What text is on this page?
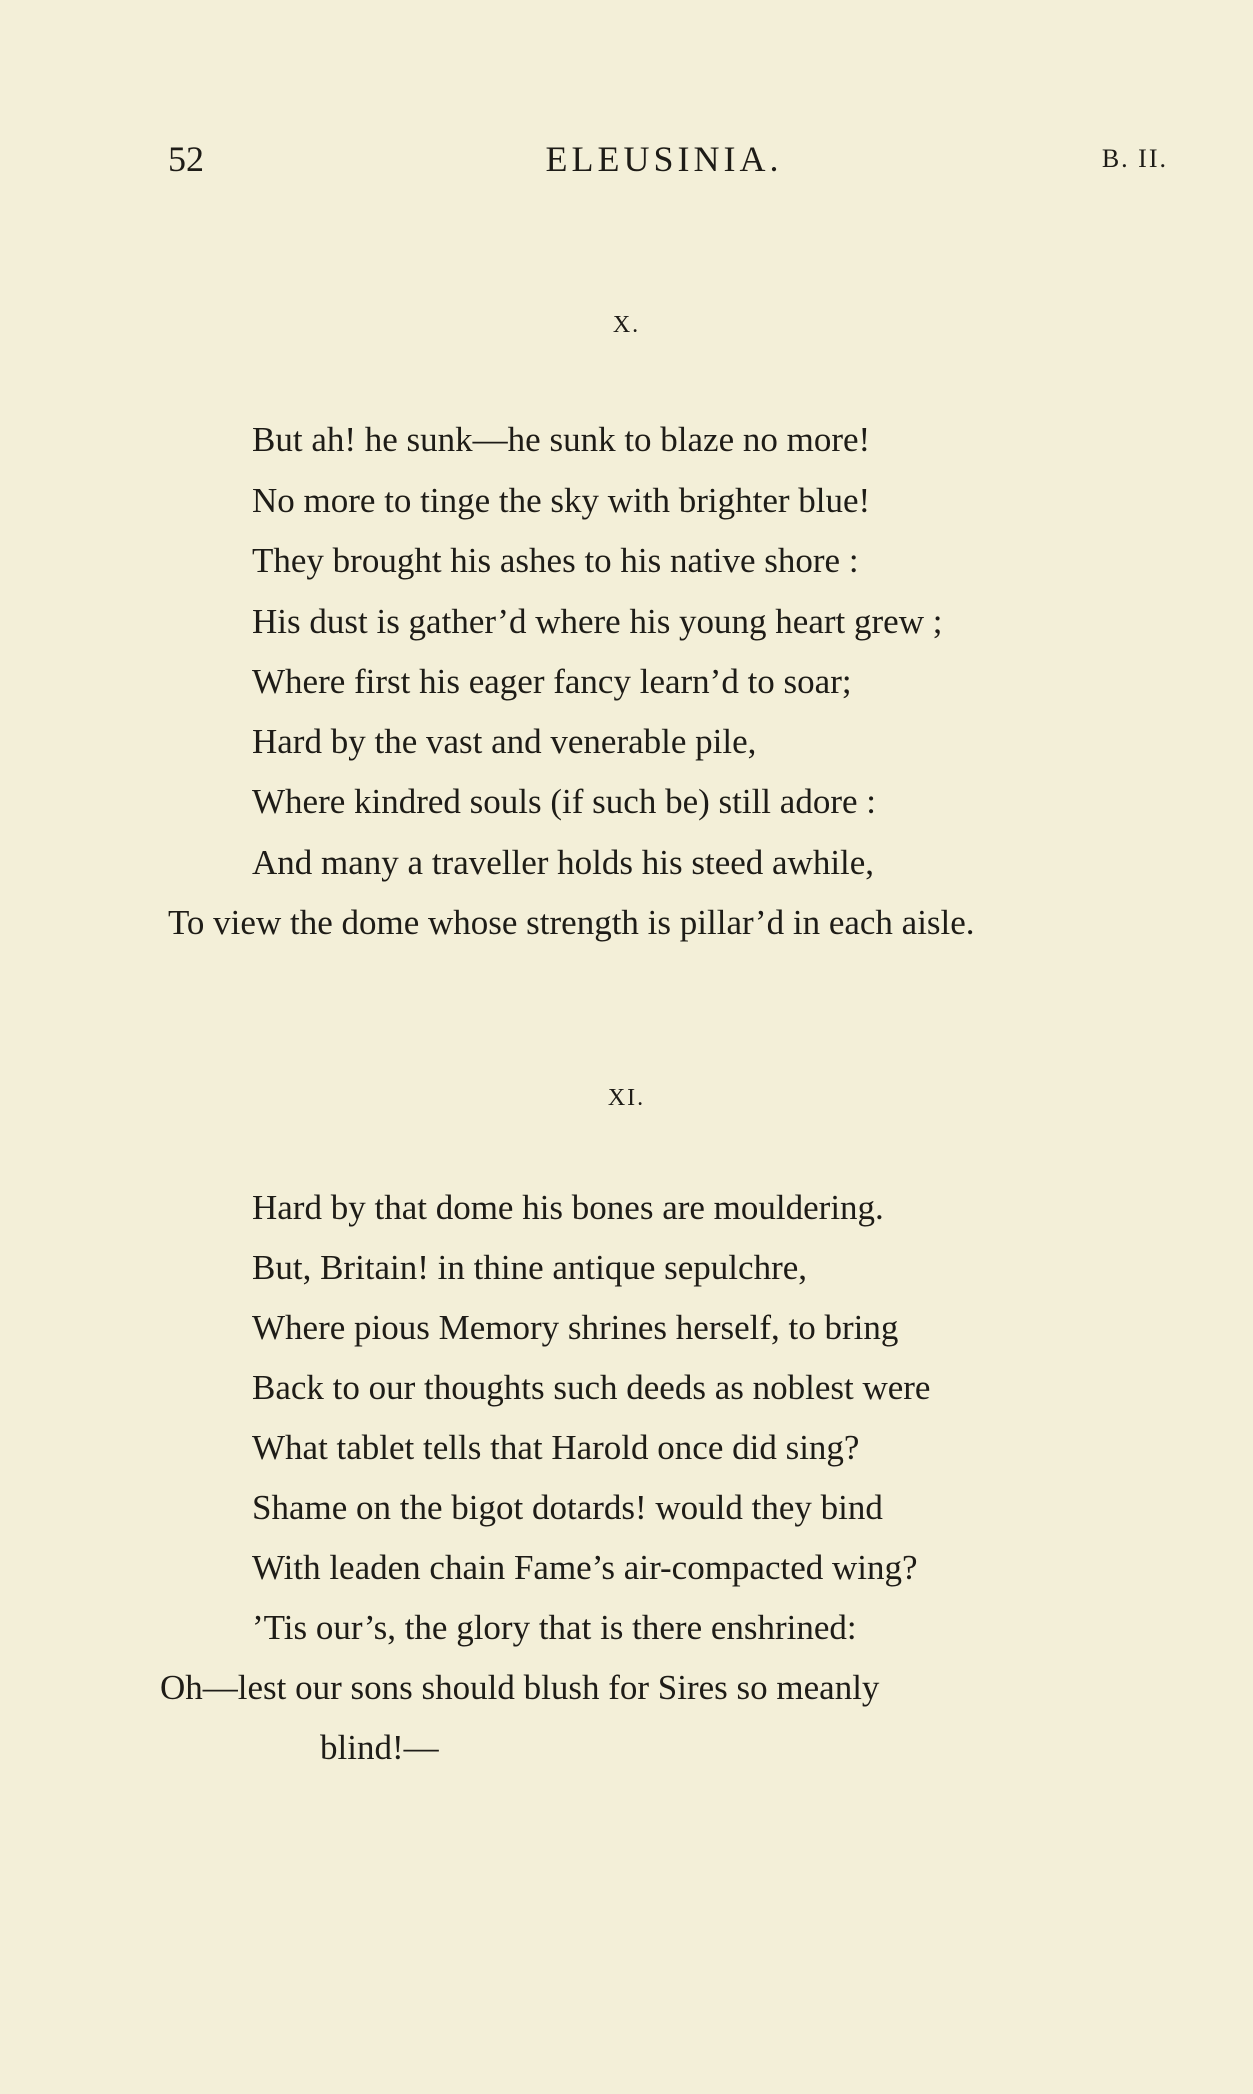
52	ELEUSINIA.	B. II.
X.
But ah! he sunk—he sunk to blaze no more!
No more to tinge the sky with brighter blue!
They brought his ashes to his native shore :
His dust is gather’d where his young heart grew ;
Where first his eager fancy learn’d to soar;
Hard by the vast and venerable pile,
Where kindred souls (if such be) still adore :
And many a traveller holds his steed awhile,
To view the dome whose strength is pillar’d in each aisle.
XI.
Hard by that dome his bones are mouldering.
But, Britain! in thine antique sepulchre,
Where pious Memory shrines herself, to bring
Back to our thoughts such deeds as noblest were
What tablet tells that Harold once did sing?
Shame on the bigot dotards! would they bind
With leaden chain Fame’s air-compacted wing?
’Tis our’s, the glory that is there enshrined:
Oh—lest our sons should blush for Sires so meanly
blind!—
